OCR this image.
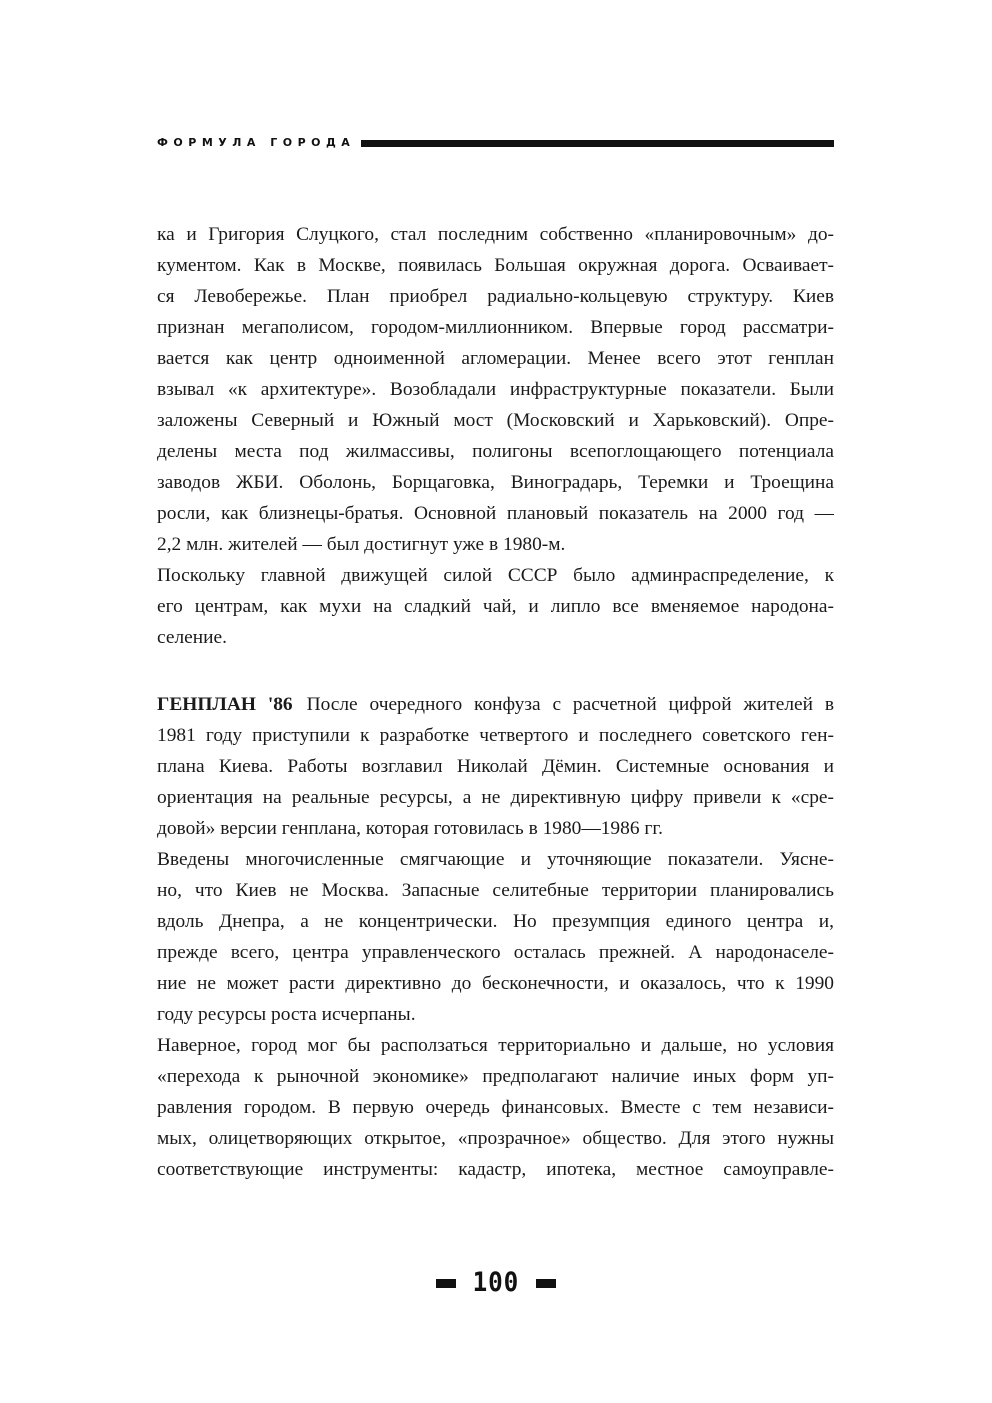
ФОРМУЛА ГОРОДА
ка и Григория Слуцкого, стал последним собственно «планировочным» до-
кументом. Как в Москве, появилась Большая окружная дорога. Осваивает-
ся Левобережье. План приобрел радиально-кольцевую структуру. Киев
признан мегаполисом, городом-миллионником. Впервые город рассматри-
вается как центр одноименной агломерации. Менее всего этот генплан
взывал «к архитектуре». Возобладали инфраструктурные показатели. Были
заложены Северный и Южный мост (Московский и Харьковский). Опре-
делены места под жилмассивы, полигоны всепоглощающего потенциала
заводов ЖБИ. Оболонь, Борщаговка, Виноградарь, Теремки и Троещина
росли, как близнецы-братья. Основной плановый показатель на 2000 год —
2,2 млн. жителей — был достигнут уже в 1980-м.
Поскольку главной движущей силой СССР было админраспределение, к
его центрам, как мухи на сладкий чай, и липло все вменяемое народона-
селение.
ГЕНПЛАН '86 После очередного конфуза с расчетной цифрой жителей в
1981 году приступили к разработке четвертого и последнего советского ген-
плана Киева. Работы возглавил Николай Дёмин. Системные основания и
ориентация на реальные ресурсы, а не директивную цифру привели к «сре-
довой» версии генплана, которая готовилась в 1980—1986 гг.
Введены многочисленные смягчающие и уточняющие показатели. Уясне-
но, что Киев не Москва. Запасные селитебные территории планировались
вдоль Днепра, а не концентрически. Но презумпция единого центра и,
прежде всего, центра управленческого осталась прежней. А народонаселе-
ние не может расти директивно до бесконечности, и оказалось, что к 1990
году ресурсы роста исчерпаны.
Наверное, город мог бы расползаться территориально и дальше, но условия
«перехода к рыночной экономике» предполагают наличие иных форм уп-
равления городом. В первую очередь финансовых. Вместе с тем независи-
мых, олицетворяющих открытое, «прозрачное» общество. Для этого нужны
соответствующие инструменты: кадастр, ипотека, местное самоуправле-
100
